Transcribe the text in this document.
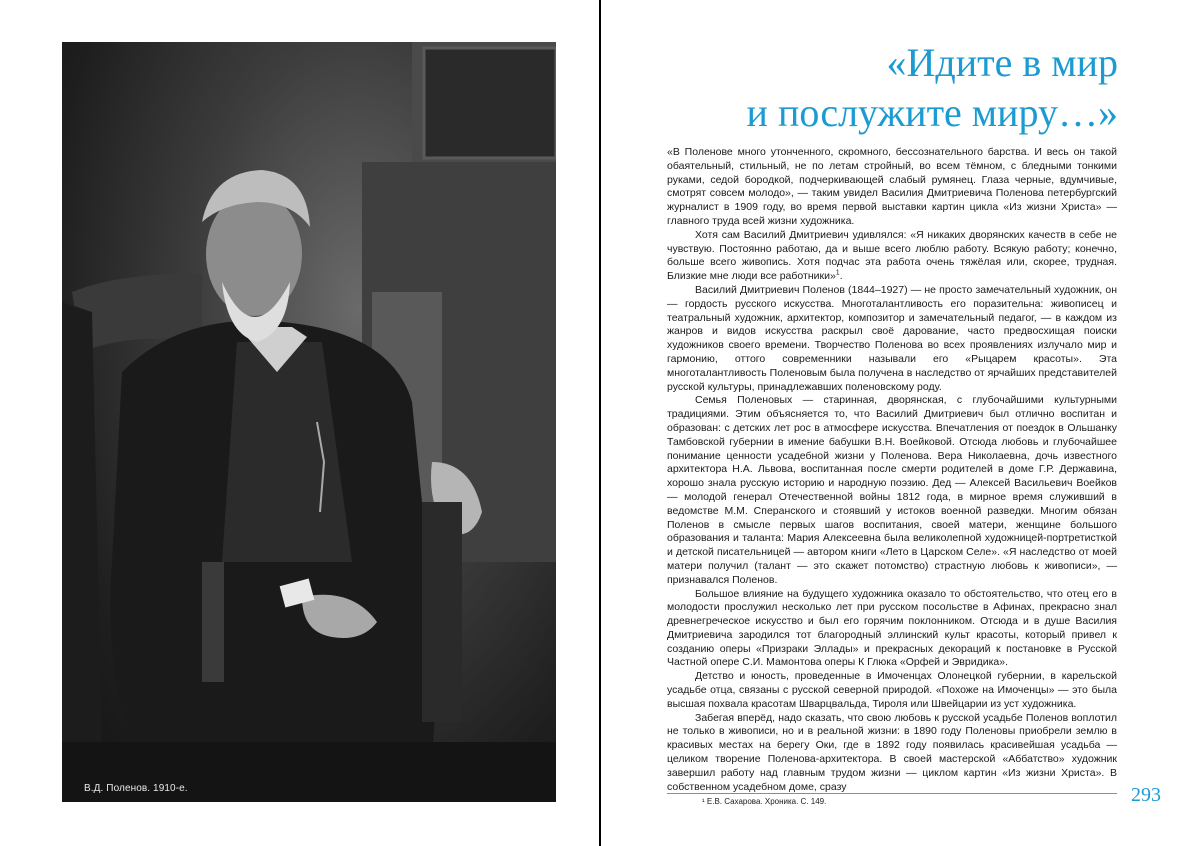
В.Д. Поленов. 1910-е.
«Идите в мир
и послужите миру…»

«В Поленове много утонченного, скромного, бессознательного барства. И весь он такой обаятельный, стильный, не по летам стройный, во всем тёмном, с бледными тонкими руками, седой бородкой, подчеркивающей слабый румянец. Глаза черные, вдумчивые, смотрят совсем молодо», — таким увидел Василия Дмитриевича Поленова петербургский журналист в 1909 году, во время первой выставки картин цикла «Из жизни Христа» — главного труда всей жизни художника.

Хотя сам Василий Дмитриевич удивлялся: «Я никаких дворянских качеств в себе не чувствую. Постоянно работаю, да и выше всего люблю работу. Всякую работу; конечно, больше всего живопись. Хотя подчас эта работа очень тяжёлая или, скорее, трудная. Близкие мне люди все работники»$^1$.

Василий Дмитриевич Поленов (1844–1927) — не просто замечательный художник, он — гордость русского искусства. Многоталантливость его поразительна: живописец и театральный художник, архитектор, композитор и замечательный педагог, — в каждом из жанров и видов искусства раскрыл своё дарование, часто предвосхищая поиски художников своего времени. Творчество Поленова во всех проявлениях излучало мир и гармонию, оттого современники называли его «Рыцарем красоты». Эта многоталантливость Поленовым была получена в наследство от ярчайших представителей русской культуры, принадлежавших поленовскому роду.

Семья Поленовых — старинная, дворянская, с глубочайшими культурными традициями. Этим объясняется то, что Василий Дмитриевич был отлично воспитан и образован: с детских лет рос в атмосфере искусства. Впечатления от поездок в Ольшанку Тамбовской губернии в имение бабушки В.Н. Воейковой. Отсюда любовь и глубочайшее понимание ценности усадебной жизни у Поленова. Вера Николаевна, дочь известного архитектора Н.А. Львова, воспитанная после смерти родителей в доме Г.Р. Державина, хорошо знала русскую историю и народную поэзию. Дед — Алексей Васильевич Воейков — молодой генерал Отечественной войны 1812 года, в мирное время служивший в ведомстве М.М. Сперанского и стоявший у истоков военной разведки. Многим обязан Поленов в смысле первых шагов воспитания, своей матери, женщине большого образования и таланта: Мария Алексеевна была великолепной художницей-портретисткой и детской писательницей — автором книги «Лето в Царском Селе». «Я наследство от моей матери получил (талант — это скажет потомство) страстную любовь к живописи», — признавался Поленов.

Большое влияние на будущего художника оказало то обстоятельство, что отец его в молодости прослужил несколько лет при русском посольстве в Афинах, прекрасно знал древнегреческое искусство и был его горячим поклонником. Отсюда и в душе Василия Дмитриевича зародился тот благородный эллинский культ красоты, который привел к созданию оперы «Призраки Эллады» и прекрасных декораций к постановке в Русской Частной опере С.И. Мамонтова оперы К Глюка «Орфей и Эвридика».

Детство и юность, проведенные в Имоченцах Олонецкой губернии, в карельской усадьбе отца, связаны с русской северной природой. «Похоже на Имоченцы» — это была высшая похвала красотам Шварцвальда, Тироля или Швейцарии из уст художника.

Забегая вперёд, надо сказать, что свою любовь к русской усадьбе Поленов воплотил не только в живописи, но и в реальной жизни: в 1890 году Поленовы приобрели землю в красивых местах на берегу Оки, где в 1892 году появилась красивейшая усадьба — целиком творение Поленова-архитектора. В своей мастерской «Аббатство» художник завершил работу над главным трудом жизни — циклом картин «Из жизни Христа». В собственном усадебном доме, сразу

¹ Е.В. Сахарова. Хроника. С. 149.	293
